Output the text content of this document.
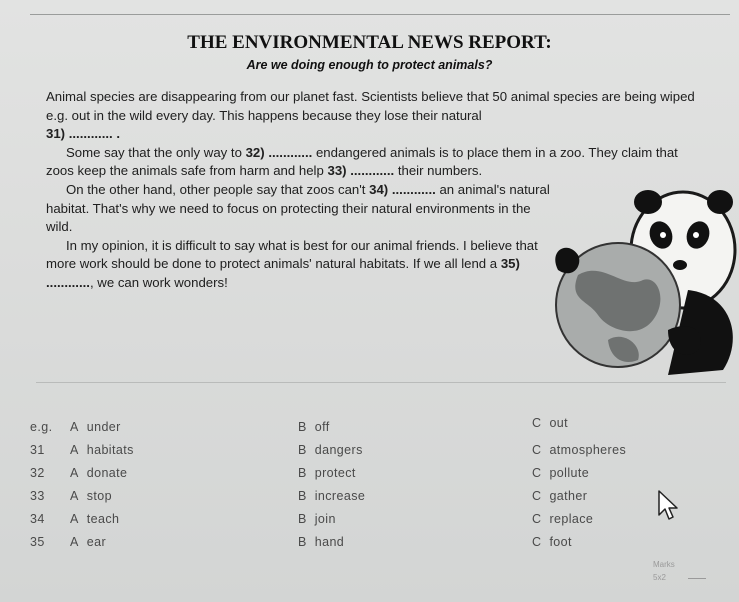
THE ENVIRONMENTAL NEWS REPORT:
Are we doing enough to protect animals?

Animal species are disappearing from our planet fast. Scientists believe that 50 animal species are being wiped e.g. out in the wild every day. This happens because they lose their natural
31) ............ .

Some say that the only way to 32) ............ endangered animals is to place them in a zoo. They claim that zoos keep the animals safe from harm and help 33) ............ their numbers.

On the other hand, other people say that zoos can't 34) ............ an animal's natural habitat. That's why we need to focus on protecting their natural environments in the wild.

In my opinion, it is difficult to say what is best for our animal friends. I believe that more work should be done to protect animals' natural habitats. If we all lend a 35) ............, we can work wonders!

e.g. A under	B off	C out
31 A habitats	B dangers	C atmospheres
32 A donate	B protect	C pollute
33 A stop	B increase	C gather
34 A teach	B join	C replace
35 A ear	B hand	C foot
Marks
5x2
